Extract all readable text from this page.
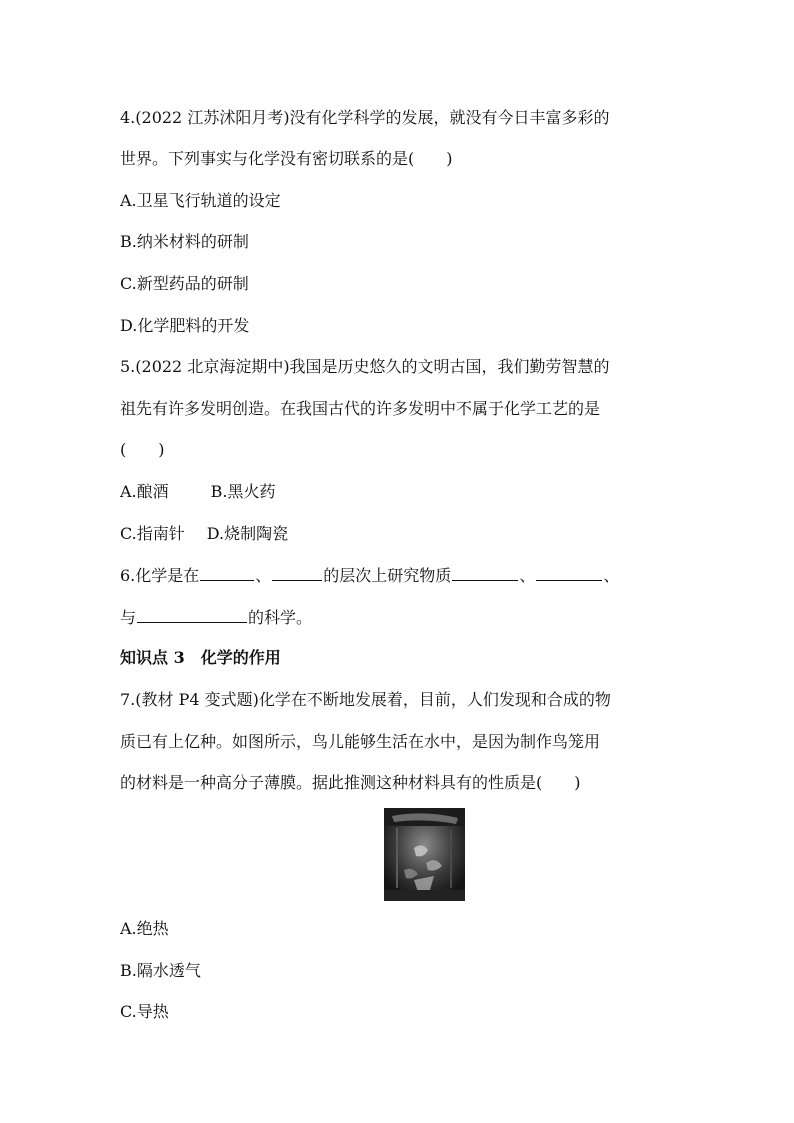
4.(2022 江苏沭阳月考)没有化学科学的发展，就没有今日丰富多彩的
世界。下列事实与化学没有密切联系的是(　　)
A.卫星飞行轨道的设定
B.纳米材料的研制
C.新型药品的研制
D.化学肥料的开发
5.(2022 北京海淀期中)我国是历史悠久的文明古国，我们勤劳智慧的
祖先有许多发明创造。在我国古代的许多发明中不属于化学工艺的是
(　　)
A.酿酒	B.黑火药
C.指南针 D.烧制陶瓷
6.化学是在	、	的层次上研究物质	、	、
与	的科学。
知识点 3　化学的作用
7.(教材 P4 变式题)化学在不断地发展着，目前，人们发现和合成的物
质已有上亿种。如图所示，鸟儿能够生活在水中，是因为制作鸟笼用
的材料是一种高分子薄膜。据此推测这种材料具有的性质是(　　)
A.绝热
B.隔水透气
C.导热
